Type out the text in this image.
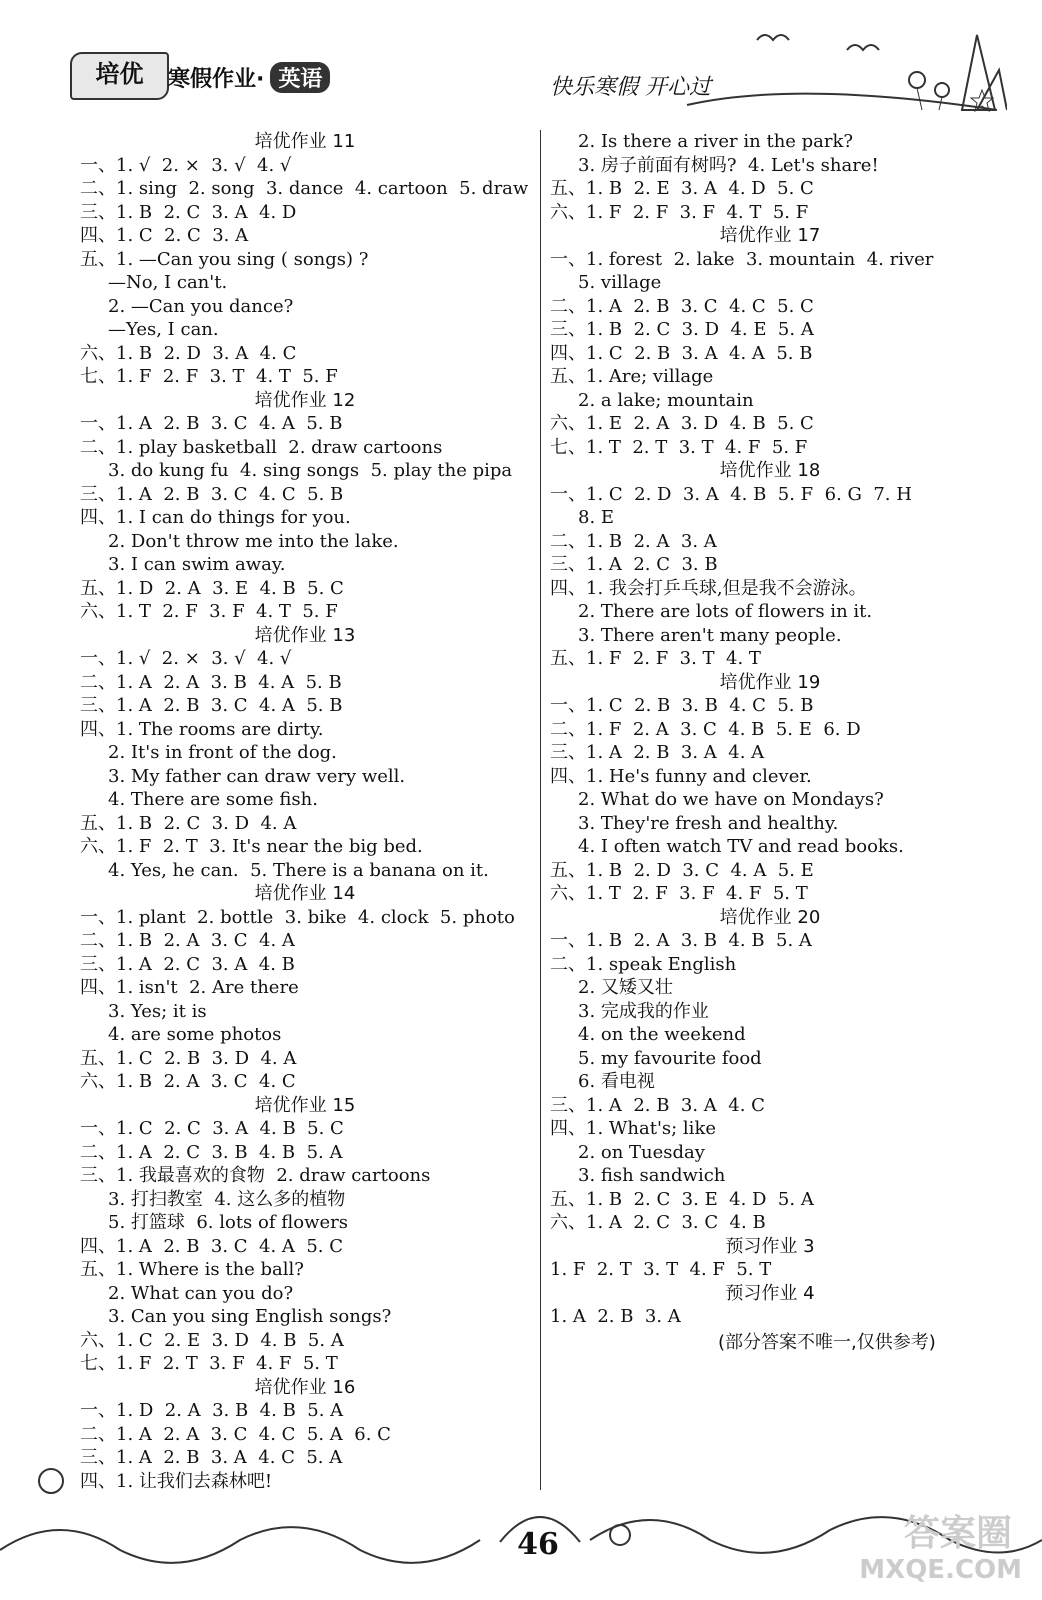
培优	寒假作业· 英语	快乐寒假 开心过
培优作业 11
一、1. √  2. ×  3. √  4. √
二、1. sing  2. song  3. dance  4. cartoon  5. draw
三、1. B  2. C  3. A  4. D
四、1. C  2. C  3. A
五、1. —Can you sing ( songs) ?
—No, I can't.
2. —Can you dance?
—Yes, I can.
六、1. B  2. D  3. A  4. C
七、1. F  2. F  3. T  4. T  5. F
培优作业 12
一、1. A  2. B  3. C  4. A  5. B
二、1. play basketball  2. draw cartoons
3. do kung fu  4. sing songs  5. play the pipa
三、1. A  2. B  3. C  4. C  5. B
四、1. I can do things for you.
2. Don't throw me into the lake.
3. I can swim away.
五、1. D  2. A  3. E  4. B  5. C
六、1. T  2. F  3. F  4. T  5. F
培优作业 13
一、1. √  2. ×  3. √  4. √
二、1. A  2. A  3. B  4. A  5. B
三、1. A  2. B  3. C  4. A  5. B
四、1. The rooms are dirty.
2. It's in front of the dog.
3. My father can draw very well.
4. There are some fish.
五、1. B  2. C  3. D  4. A
六、1. F  2. T  3. It's near the big bed.
4. Yes, he can.  5. There is a banana on it.
培优作业 14
一、1. plant  2. bottle  3. bike  4. clock  5. photo
二、1. B  2. A  3. C  4. A
三、1. A  2. C  3. A  4. B
四、1. isn't  2. Are there
3. Yes; it is
4. are some photos
五、1. C  2. B  3. D  4. A
六、1. B  2. A  3. C  4. C
培优作业 15
一、1. C  2. C  3. A  4. B  5. C
二、1. A  2. C  3. B  4. B  5. A
三、1. 我最喜欢的食物  2. draw cartoons
3. 打扫教室  4. 这么多的植物
5. 打篮球  6. lots of flowers
四、1. A  2. B  3. C  4. A  5. C
五、1. Where is the ball?
2. What can you do?
3. Can you sing English songs?
六、1. C  2. E  3. D  4. B  5. A
七、1. F  2. T  3. F  4. F  5. T
培优作业 16
一、1. D  2. A  3. B  4. B  5. A
二、1. A  2. A  3. C  4. C  5. A  6. C
三、1. A  2. B  3. A  4. C  5. A
四、1. 让我们去森林吧!
2. Is there a river in the park?
3. 房子前面有树吗?  4. Let's share!
五、1. B  2. E  3. A  4. D  5. C
六、1. F  2. F  3. F  4. T  5. F
培优作业 17
一、1. forest  2. lake  3. mountain  4. river
5. village
二、1. A  2. B  3. C  4. C  5. C
三、1. B  2. C  3. D  4. E  5. A
四、1. C  2. B  3. A  4. A  5. B
五、1. Are; village
2. a lake; mountain
六、1. E  2. A  3. D  4. B  5. C
七、1. T  2. T  3. T  4. F  5. F
培优作业 18
一、1. C  2. D  3. A  4. B  5. F  6. G  7. H
8. E
二、1. B  2. A  3. A
三、1. A  2. C  3. B
四、1. 我会打乒乓球,但是我不会游泳。
2. There are lots of flowers in it.
3. There aren't many people.
五、1. F  2. F  3. T  4. T
培优作业 19
一、1. C  2. B  3. B  4. C  5. B
二、1. F  2. A  3. C  4. B  5. E  6. D
三、1. A  2. B  3. A  4. A
四、1. He's funny and clever.
2. What do we have on Mondays?
3. They're fresh and healthy.
4. I often watch TV and read books.
五、1. B  2. D  3. C  4. A  5. E
六、1. T  2. F  3. F  4. F  5. T
培优作业 20
一、1. B  2. A  3. B  4. B  5. A
二、1. speak English
2. 又矮又壮
3. 完成我的作业
4. on the weekend
5. my favourite food
6. 看电视
三、1. A  2. B  3. A  4. C
四、1. What's; like
2. on Tuesday
3. fish sandwich
五、1. B  2. C  3. E  4. D  5. A
六、1. A  2. C  3. C  4. B
预习作业 3
1. F  2. T  3. T  4. F  5. T
预习作业 4
1. A  2. B  3. A
(部分答案不唯一,仅供参考)
46	答案圈
MXQE.COM
